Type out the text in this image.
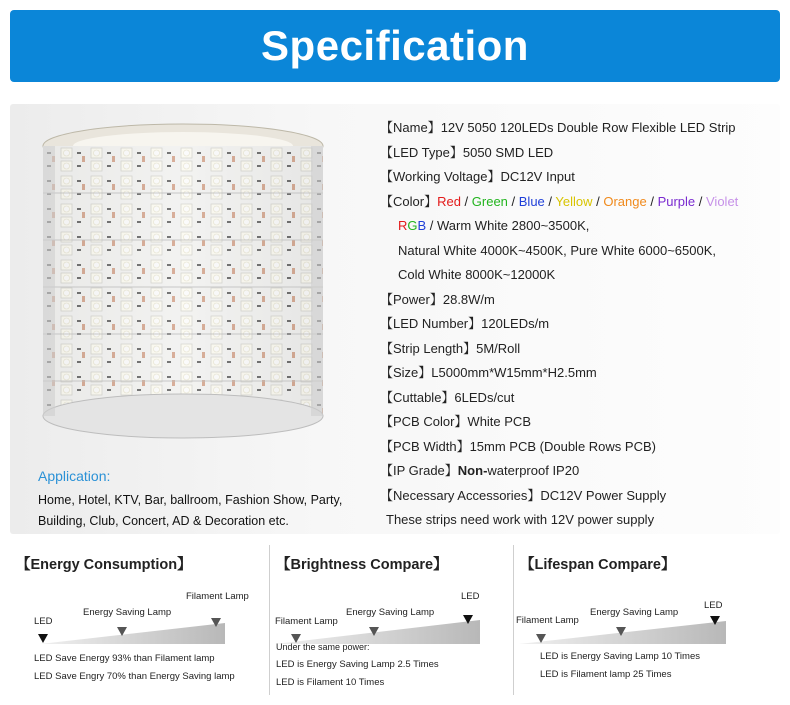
Specification
Application:
Home, Hotel, KTV, Bar, ballroom, Fashion Show, Party,
Building, Club, Concert, AD & Decoration etc.
【Name】12V 5050 120LEDs Double Row Flexible LED Strip
【LED Type】5050 SMD LED
【Working Voltage】DC12V Input
【Color】Red / Green / Blue / Yellow / Orange / Purple / Violet
RGB / Warm White 2800~3500K,
Natural White 4000K~4500K, Pure White 6000~6500K,
Cold White 8000K~12000K
【Power】28.8W/m
【LED Number】120LEDs/m
【Strip Length】5M/Roll
【Size】L5000mm*W15mm*H2.5mm
【Cuttable】6LEDs/cut
【PCB Color】White PCB
【PCB Width】15mm PCB (Double Rows PCB)
【IP Grade】Non-waterproof IP20
【Necessary Accessories】DC12V Power Supply
These strips need work with 12V power supply
【Energy Consumption】
LED
Energy Saving Lamp
Filament Lamp
LED Save Energy 93% than Filament lamp
LED Save Engry 70% than Energy Saving lamp
【Brightness Compare】
Filament Lamp
Energy Saving Lamp
LED
Under the same power:
LED is Energy Saving Lamp 2.5 Times
LED is Filament 10 Times
【Lifespan Compare】
Filament Lamp
Energy Saving Lamp
LED
LED is Energy Saving Lamp 10 Times
LED is Filament lamp 25 Times
